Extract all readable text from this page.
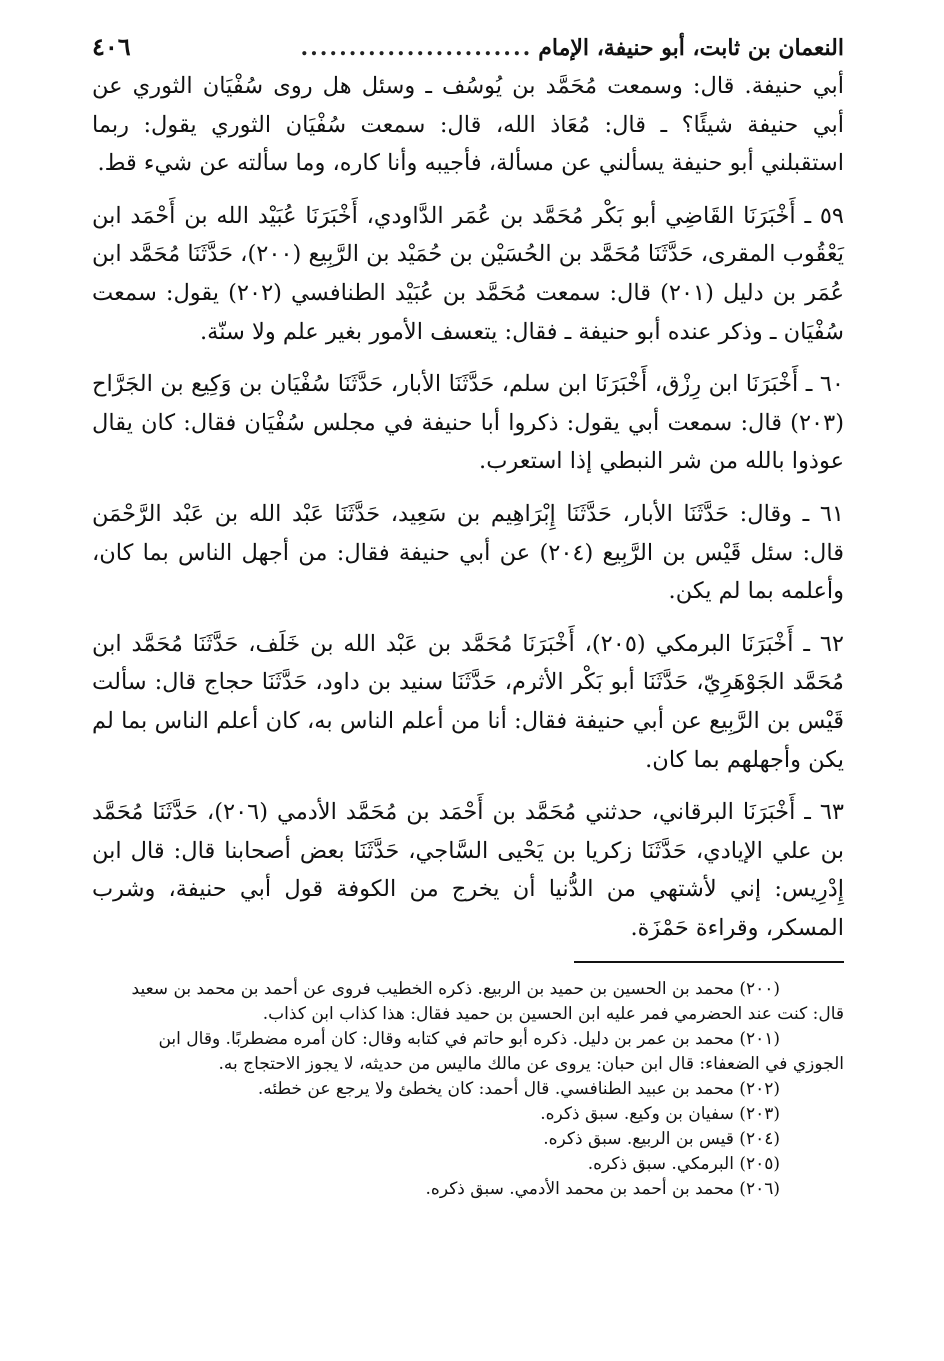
النعمان بن ثابت، أبو حنيفة، الإمام
........................
٤٠٦

أبي حنيفة. قال: وسمعت مُحَمَّد بن يُوسُف ـ وسئل هل روى سُفْيَان الثوري عن أبي حنيفة شيئًا؟ ـ قال: مُعَاذ الله، قال: سمعت سُفْيَان الثوري يقول: ربما استقبلني أبو حنيفة يسألني عن مسألة، فأجيبه وأنا كاره، وما سألته عن شيء قط.

٥٩ ـ أَخْبَرَنَا القَاضِي أبو بَكْر مُحَمَّد بن عُمَر الدَّاودي، أَخْبَرَنَا عُبَيْد الله بن أَحْمَد ابن يَعْقُوب المقرى، حَدَّثَنَا مُحَمَّد بن الحُسَيْن بن حُمَيْد بن الرَّبِيع (٢٠٠)، حَدَّثَنَا مُحَمَّد ابن عُمَر بن دليل (٢٠١) قال: سمعت مُحَمَّد بن عُبَيْد الطنافسي (٢٠٢) يقول: سمعت سُفْيَان ـ وذكر عنده أبو حنيفة ـ فقال: يتعسف الأمور بغير علم ولا سنّة.

٦٠ ـ أَخْبَرَنَا ابن رِزْق، أَخْبَرَنَا ابن سلم، حَدَّثَنَا الأبار، حَدَّثَنَا سُفْيَان بن وَكِيع بن الجَرَّاح (٢٠٣) قال: سمعت أبي يقول: ذكروا أبا حنيفة في مجلس سُفْيَان فقال: كان يقال عوذوا بالله من شر النبطي إذا استعرب.

٦١ ـ وقال: حَدَّثَنَا الأبار، حَدَّثَنَا إِبْرَاهِيم بن سَعِيد، حَدَّثَنَا عَبْد الله بن عَبْد الرَّحْمَن قال: سئل قَيْس بن الرَّبِيع (٢٠٤) عن أبي حنيفة فقال: من أجهل الناس بما كان، وأعلمه بما لم يكن.

٦٢ ـ أَخْبَرَنَا البرمكي (٢٠٥)، أَخْبَرَنَا مُحَمَّد بن عَبْد الله بن خَلَف، حَدَّثَنَا مُحَمَّد ابن مُحَمَّد الجَوْهَرِيّ، حَدَّثَنَا أبو بَكْر الأثرم، حَدَّثَنَا سنيد بن داود، حَدَّثَنَا حجاج قال: سألت قَيْس بن الرَّبِيع عن أبي حنيفة فقال: أنا من أعلم الناس به، كان أعلم الناس بما لم يكن وأجهلهم بما كان.

٦٣ ـ أَخْبَرَنَا البرقاني، حدثني مُحَمَّد بن أَحْمَد بن مُحَمَّد الأدمي (٢٠٦)، حَدَّثَنَا مُحَمَّد بن علي الإيادي، حَدَّثَنَا زكريا بن يَحْيى السَّاجي، حَدَّثَنَا بعض أصحابنا قال: قال ابن إِدْرِيس: إني لأشتهي من الدُّنيا أن يخرج من الكوفة قول أبي حنيفة، وشرب المسكر، وقراءة حَمْزَة.

(٢٠٠) محمد بن الحسين بن حميد بن الربيع. ذكره الخطيب فروى عن أحمد بن محمد بن سعيد

قال: كنت عند الحضرمي فمر عليه ابن الحسين بن حميد فقال: هذا كذاب ابن كذاب.

(٢٠١) محمد بن عمر بن دليل. ذكره أبو حاتم في كتابه وقال: كان أمره مضطربًا. وقال ابن

الجوزي في الضعفاء: قال ابن حبان: يروى عن مالك ماليس من حديثه، لا يجوز الاحتجاج به.

(٢٠٢) محمد بن عبيد الطنافسي. قال أحمد: كان يخطئ ولا يرجع عن خطئه.

(٢٠٣) سفيان بن وكيع. سبق ذكره.

(٢٠٤) قيس بن الربيع. سبق ذكره.

(٢٠٥) البرمكي. سبق ذكره.

(٢٠٦) محمد بن أحمد بن محمد الأدمي. سبق ذكره.
